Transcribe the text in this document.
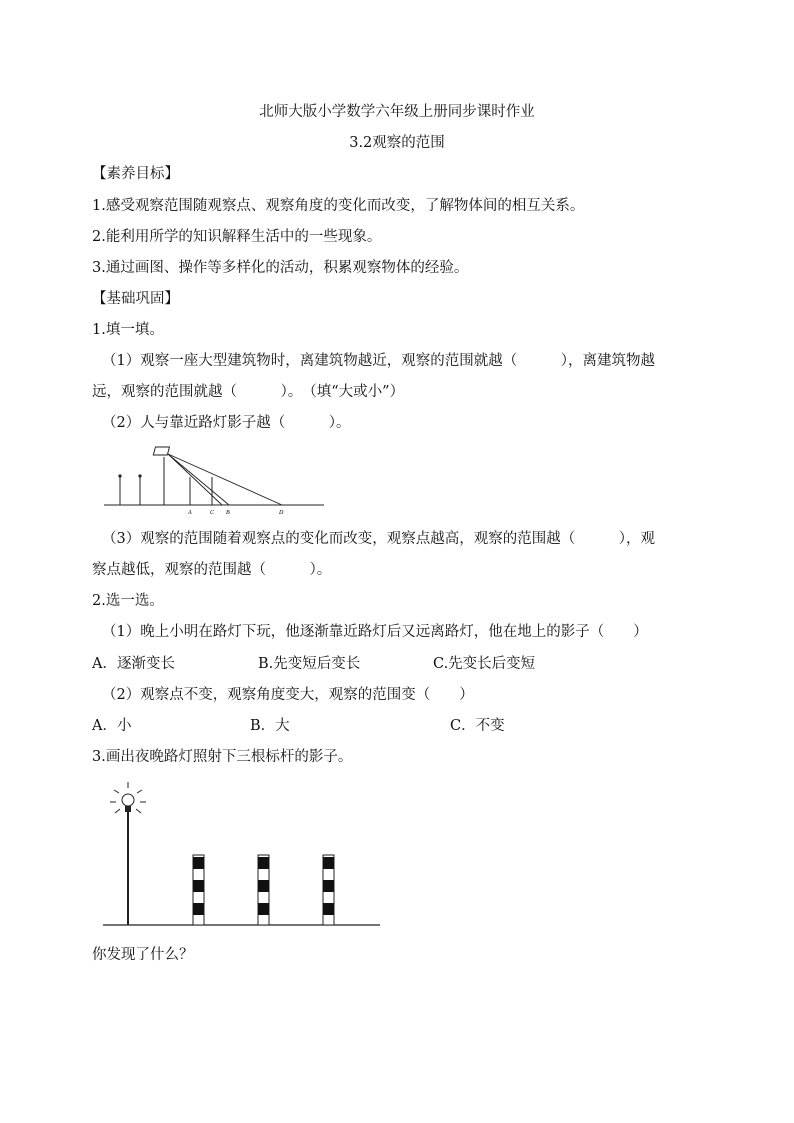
北师大版小学数学六年级上册同步课时作业
3.2观察的范围
【素养目标】
1.感受观察范围随观察点、观察角度的变化而改变，了解物体间的相互关系。
2.能利用所学的知识解释生活中的一些现象。
3.通过画图、操作等多样化的活动，积累观察物体的经验。
【基础巩固】
1.填一填。
（1）观察一座大型建筑物时，离建筑物越近，观察的范围就越（　　　），离建筑物越
远，观察的范围就越（　　　）。　（填“大或小”）
（2）人与靠近路灯影子越（　　　）。
A	C B	D
（3）观察的范围随着观察点的变化而改变，观察点越高，观察的范围越（　　　），观
察点越低，观察的范围越（　　　）。
2.选一选。
（1）晚上小明在路灯下玩，他逐渐靠近路灯后又远离路灯，他在地上的影子（　　）
A．逐渐变长	B.先变短后变长	C.先变长后变短
（2）观察点不变，观察角度变大，观察的范围变（　　）
A．小	B．大	C．不变
3.画出夜晚路灯照射下三根标杆的影子。
你发现了什么？
